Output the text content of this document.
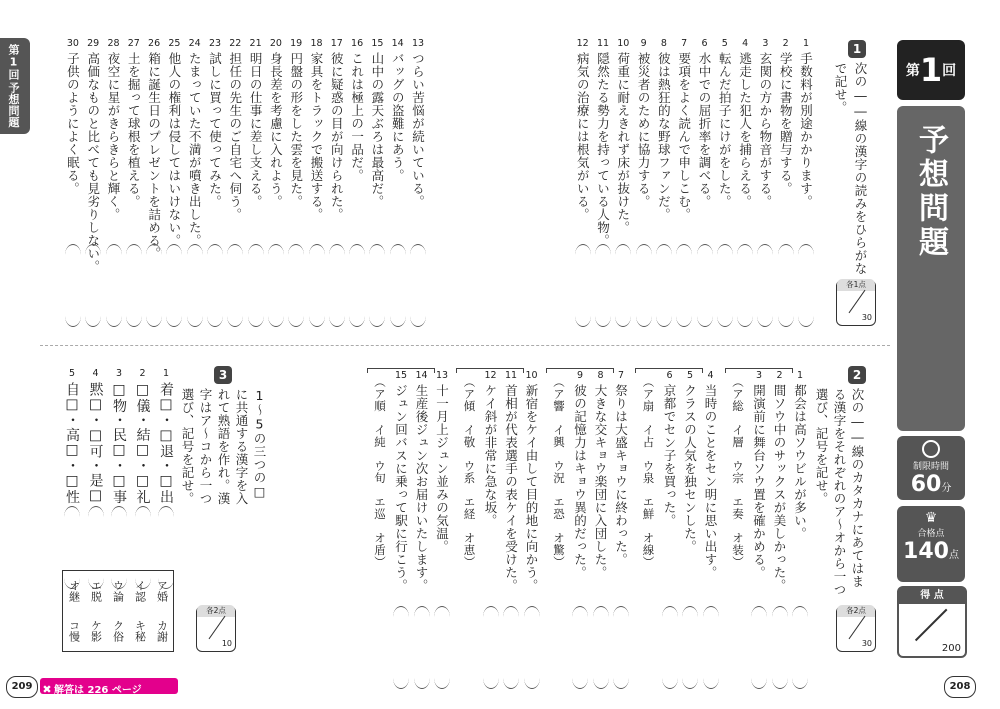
第1回
予想問題
第1回
予想問題
制限時間
60分
♛
合格点
140点
得 点
200
1
次の――線の漢字の読みをひらがなで記せ。
各1点
30
1
手数料が別途かかります。
2
学校に書物を贈与する。
3
玄関の方から物音がする。
4
逃走した犯人を捕らえる。
5
転んだ拍子にけがをした。
6
水中での屈折率を調べる。
7
要項をよく読んで申しこむ。
8
彼は熱狂的な野球ファンだ。
9
被災者のために協力する。
10
荷重に耐えきれず床が抜けた。
11
隠然たる勢力を持っている人物。
12
病気の治療には根気がいる。
13
つらい苦悩が続いている。
14
バッグの盗難にあう。
15
山中の露天ぶろは最高だ。
16
これは極上の一品だ。
17
彼に疑惑の目が向けられた。
18
家具をトラックで搬送する。
19
円盤の形をした雲を見た。
20
身長差を考慮に入れよう。
21
明日の仕事に差し支える。
22
担任の先生のご自宅へ伺う。
23
試しに買って使ってみた。
24
たまっていた不満が噴き出した。
25
他人の権利は侵してはいけない。
26
箱に誕生日のプレゼントを詰める。
27
土を掘って球根を植える。
28
夜空に星がきらきらと輝く。
29
高価なものと比べても見劣りしない。
30
子供のようによく眠る。
2
次の――線のカタカナにあてはまる漢字をそれぞれのア～オから一つ選び、記号を記せ。
各2点
30
1
都会は高ソウビルが多い。
2
間ソウ中のサックスが美しかった。
3
開演前に舞台ソウ置を確かめる。
（ア総　イ層　ウ宗　エ奏　オ装）
4
当時のことをセン明に思い出す。
5
クラスの人気を独センした。
6
京都でセン子を買った。
（ア扇　イ占　ウ泉　エ鮮　オ線）
7
祭りは大盛キョウに終わった。
8
大きな交キョウ楽団に入団した。
9
彼の記憶力はキョウ異的だった。
（ア響　イ興　ウ況　エ恐　オ驚）
10
新宿をケイ由して目的地に向かう。
11
首相が代表選手の表ケイを受けた。
12
ケイ斜が非常に急な坂。
（ア傾　イ敬　ウ系　エ経　オ恵）
13
十一月上ジュン並みの気温。
14
生産後ジュン次お届けいたします。
15
ジュン回バスに乗って駅に行こう。
（ア順　イ純　ウ旬　エ巡　オ盾）
3
1～5の三つの□に共通する漢字を入れて熟語を作れ。漢字はア～コから一つ選び、記号を記せ。
各2点
10
1
着□・□退・□出
2
□儀・結□・□礼
3
□物・民□・□事
4
黙□・□可・是□
5
自□・高□・□性
オ継 エ脱 ウ論 イ認 ア婚
コ慢 ケ影 ク俗 キ秘 カ謝
209 ✖ 解答は 226 ページ	208
